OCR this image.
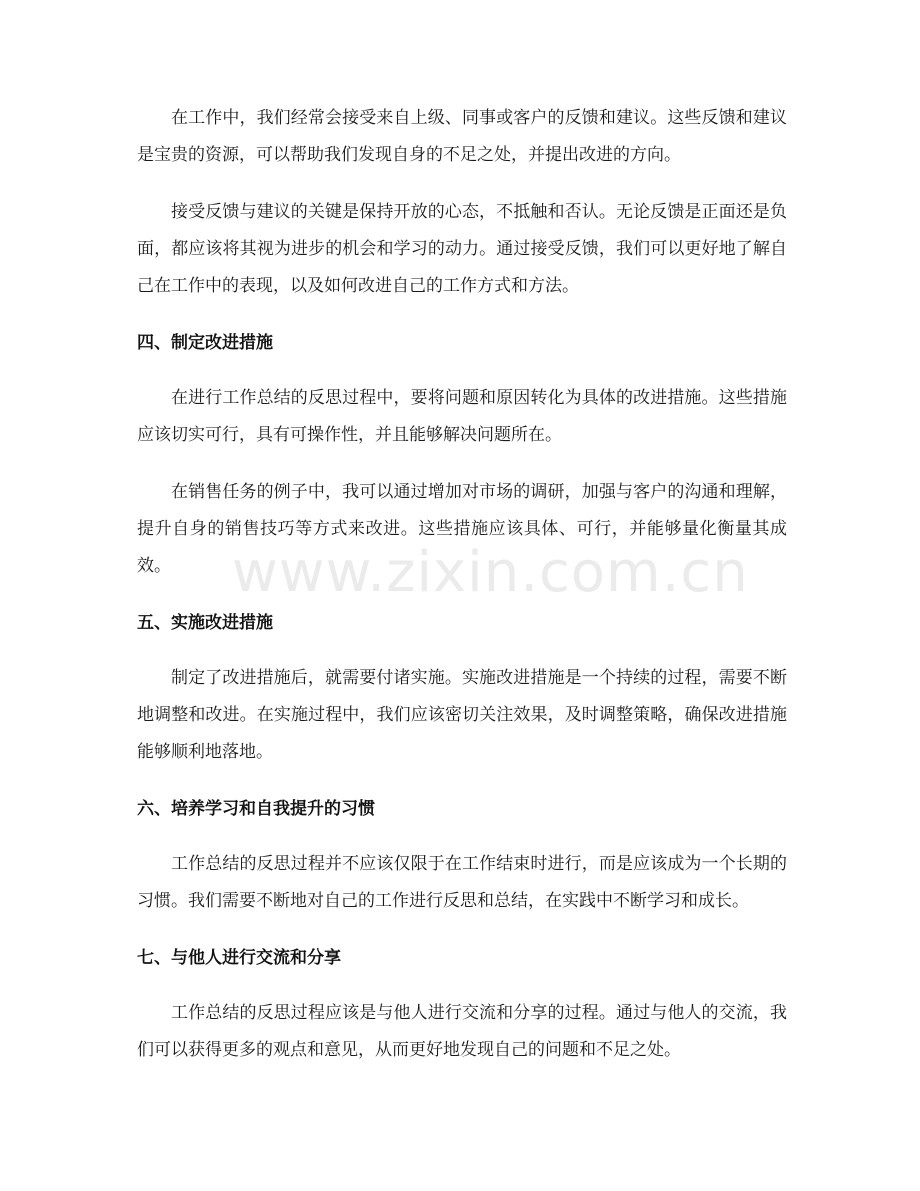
在工作中，我们经常会接受来自上级、同事或客户的反馈和建议。这些反馈和建议是宝贵的资源，可以帮助我们发现自身的不足之处，并提出改进的方向。

接受反馈与建议的关键是保持开放的心态，不抵触和否认。无论反馈是正面还是负面，都应该将其视为进步的机会和学习的动力。通过接受反馈，我们可以更好地了解自己在工作中的表现，以及如何改进自己的工作方式和方法。

四、制定改进措施

在进行工作总结的反思过程中，要将问题和原因转化为具体的改进措施。这些措施应该切实可行，具有可操作性，并且能够解决问题所在。

在销售任务的例子中，我可以通过增加对市场的调研，加强与客户的沟通和理解，提升自身的销售技巧等方式来改进。这些措施应该具体、可行，并能够量化衡量其成效。

五、实施改进措施

制定了改进措施后，就需要付诸实施。实施改进措施是一个持续的过程，需要不断地调整和改进。在实施过程中，我们应该密切关注效果，及时调整策略，确保改进措施能够顺利地落地。

六、培养学习和自我提升的习惯

工作总结的反思过程并不应该仅限于在工作结束时进行，而是应该成为一个长期的习惯。我们需要不断地对自己的工作进行反思和总结，在实践中不断学习和成长。

七、与他人进行交流和分享

工作总结的反思过程应该是与他人进行交流和分享的过程。通过与他人的交流，我们可以获得更多的观点和意见，从而更好地发现自己的问题和不足之处。

www.zixin.com.cn
